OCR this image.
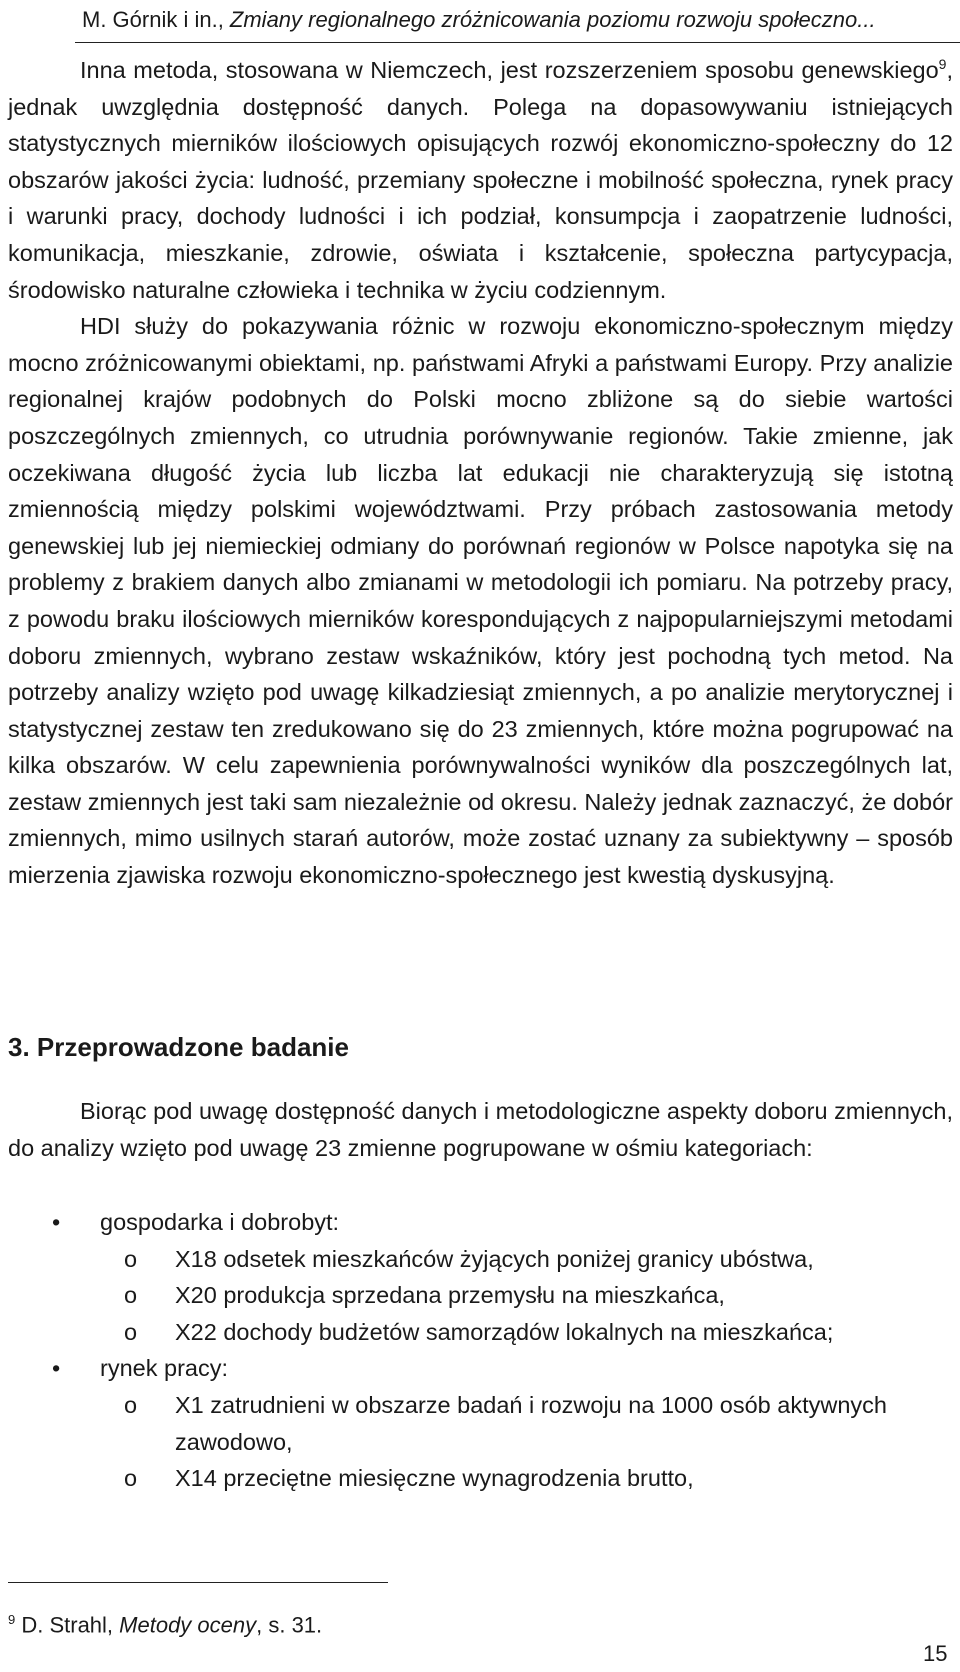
M. Górnik i in., Zmiany regionalnego zróżnicowania poziomu rozwoju społeczno...

Inna metoda, stosowana w Niemczech, jest rozszerzeniem sposobu genewskiego$^9$, jednak uwzględnia dostępność danych. Polega na dopasowywaniu istniejących statystycznych mierników ilościowych opisujących rozwój ekonomiczno-społeczny do 12 obszarów jakości życia: ludność, przemiany społeczne i mobilność społeczna, rynek pracy i warunki pracy, dochody ludności i ich podział, konsumpcja i zaopatrzenie ludności, komunikacja, mieszkanie, zdrowie, oświata i kształcenie, społeczna partycypacja, środowisko naturalne człowieka i technika w życiu codziennym.

HDI służy do pokazywania różnic w rozwoju ekonomiczno-społecznym między mocno zróżnicowanymi obiektami, np. państwami Afryki a państwami Europy. Przy analizie regionalnej krajów podobnych do Polski mocno zbliżone są do siebie wartości poszczególnych zmiennych, co utrudnia porównywanie regionów. Takie zmienne, jak oczekiwana długość życia lub liczba lat edukacji nie charakteryzują się istotną zmiennością między polskimi województwami. Przy próbach zastosowania metody genewskiej lub jej niemieckiej odmiany do porównań regionów w Polsce napotyka się na problemy z brakiem danych albo zmianami w metodologii ich pomiaru. Na potrzeby pracy, z powodu braku ilościowych mierników korespondujących z najpopularniejszymi metodami doboru zmiennych, wybrano zestaw wskaźników, który jest pochodną tych metod. Na potrzeby analizy wzięto pod uwagę kilkadziesiąt zmiennych, a po analizie merytorycznej i statystycznej zestaw ten zredukowano się do 23 zmiennych, które można pogrupować na kilka obszarów. W celu zapewnienia porównywalności wyników dla poszczególnych lat, zestaw zmiennych jest taki sam niezależnie od okresu. Należy jednak zaznaczyć, że dobór zmiennych, mimo usilnych starań autorów, może zostać uznany za subiektywny – sposób mierzenia zjawiska rozwoju ekonomiczno-społecznego jest kwestią dyskusyjną.

3. Przeprowadzone badanie

Biorąc pod uwagę dostępność danych i metodologiczne aspekty doboru zmiennych, do analizy wzięto pod uwagę 23 zmienne pogrupowane w ośmiu kategoriach:

• gospodarka i dobrobyt:
o X18 odsetek mieszkańców żyjących poniżej granicy ubóstwa,
o X20 produkcja sprzedana przemysłu na mieszkańca,
o X22 dochody budżetów samorządów lokalnych na mieszkańca;
• rynek pracy:
o X1 zatrudnieni w obszarze badań i rozwoju na 1000 osób aktywnych zawodowo,
o X14 przeciętne miesięczne wynagrodzenia brutto,
$^9$ D. Strahl, Metody oceny, s. 31.
15
